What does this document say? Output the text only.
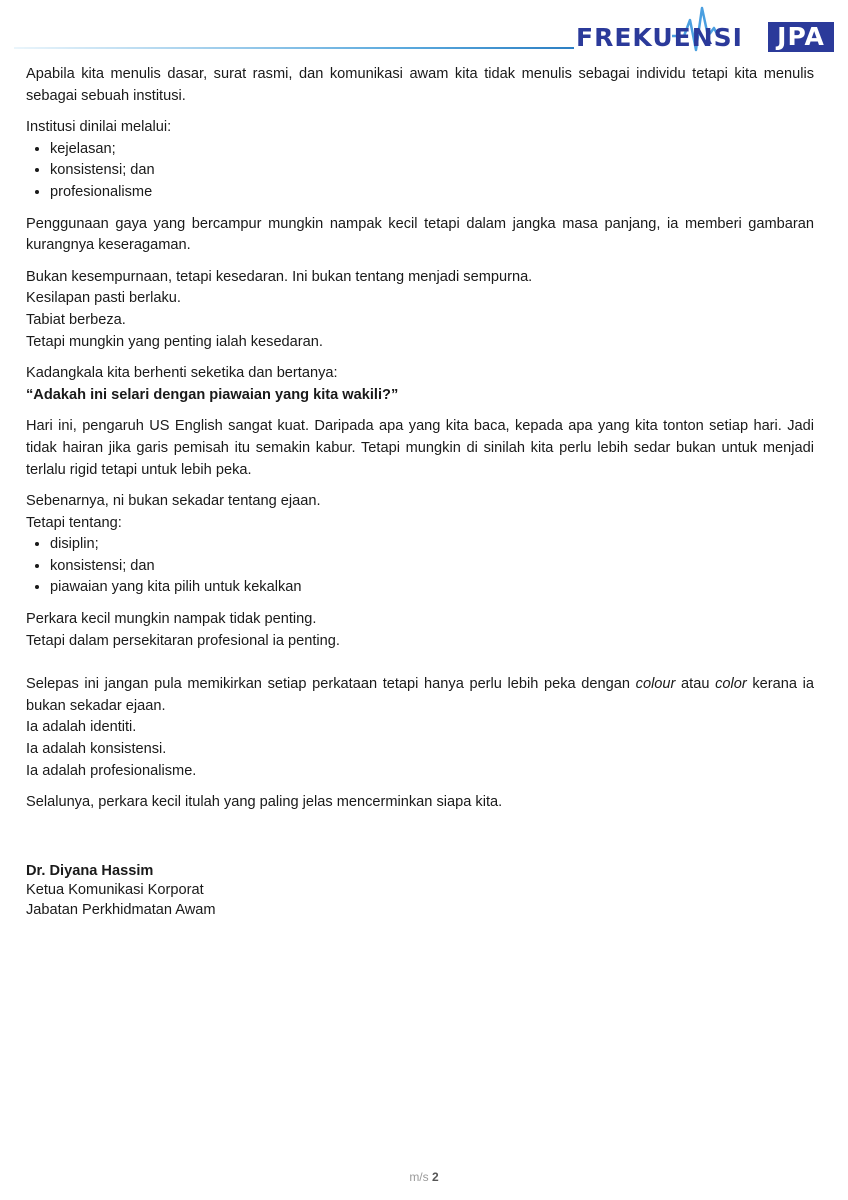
FREKUENSI	JPA

Apabila kita menulis dasar, surat rasmi, dan komunikasi awam kita tidak menulis sebagai individu tetapi kita menulis sebagai sebuah institusi.

Institusi dinilai melalui:
• kejelasan;
• konsistensi; dan
• profesionalisme

Penggunaan gaya yang bercampur mungkin nampak kecil tetapi dalam jangka masa panjang, ia memberi gambaran kurangnya keseragaman.

Bukan kesempurnaan, tetapi kesedaran. Ini bukan tentang menjadi sempurna.
Kesilapan pasti berlaku.
Tabiat berbeza.
Tetapi mungkin yang penting ialah kesedaran.
Kadangkala kita berhenti seketika dan bertanya:
“Adakah ini selari dengan piawaian yang kita wakili?”

Hari ini, pengaruh US English sangat kuat. Daripada apa yang kita baca, kepada apa yang kita tonton setiap hari. Jadi tidak hairan jika garis pemisah itu semakin kabur. Tetapi mungkin di sinilah kita perlu lebih sedar bukan untuk menjadi terlalu rigid tetapi untuk lebih peka.

Sebenarnya, ni bukan sekadar tentang ejaan.
Tetapi tentang:
• disiplin;
• konsistensi; dan
• piawaian yang kita pilih untuk kekalkan
Perkara kecil mungkin nampak tidak penting.
Tetapi dalam persekitaran profesional ia penting.
Selepas ini jangan pula memikirkan setiap perkataan tetapi hanya perlu lebih peka dengan colour atau color kerana ia bukan sekadar ejaan.
Ia adalah identiti.
Ia adalah konsistensi.
Ia adalah profesionalisme.

Selalunya, perkara kecil itulah yang paling jelas mencerminkan siapa kita.

Dr. Diyana Hassim
Ketua Komunikasi Korporat
Jabatan Perkhidmatan Awam
m/s 2
